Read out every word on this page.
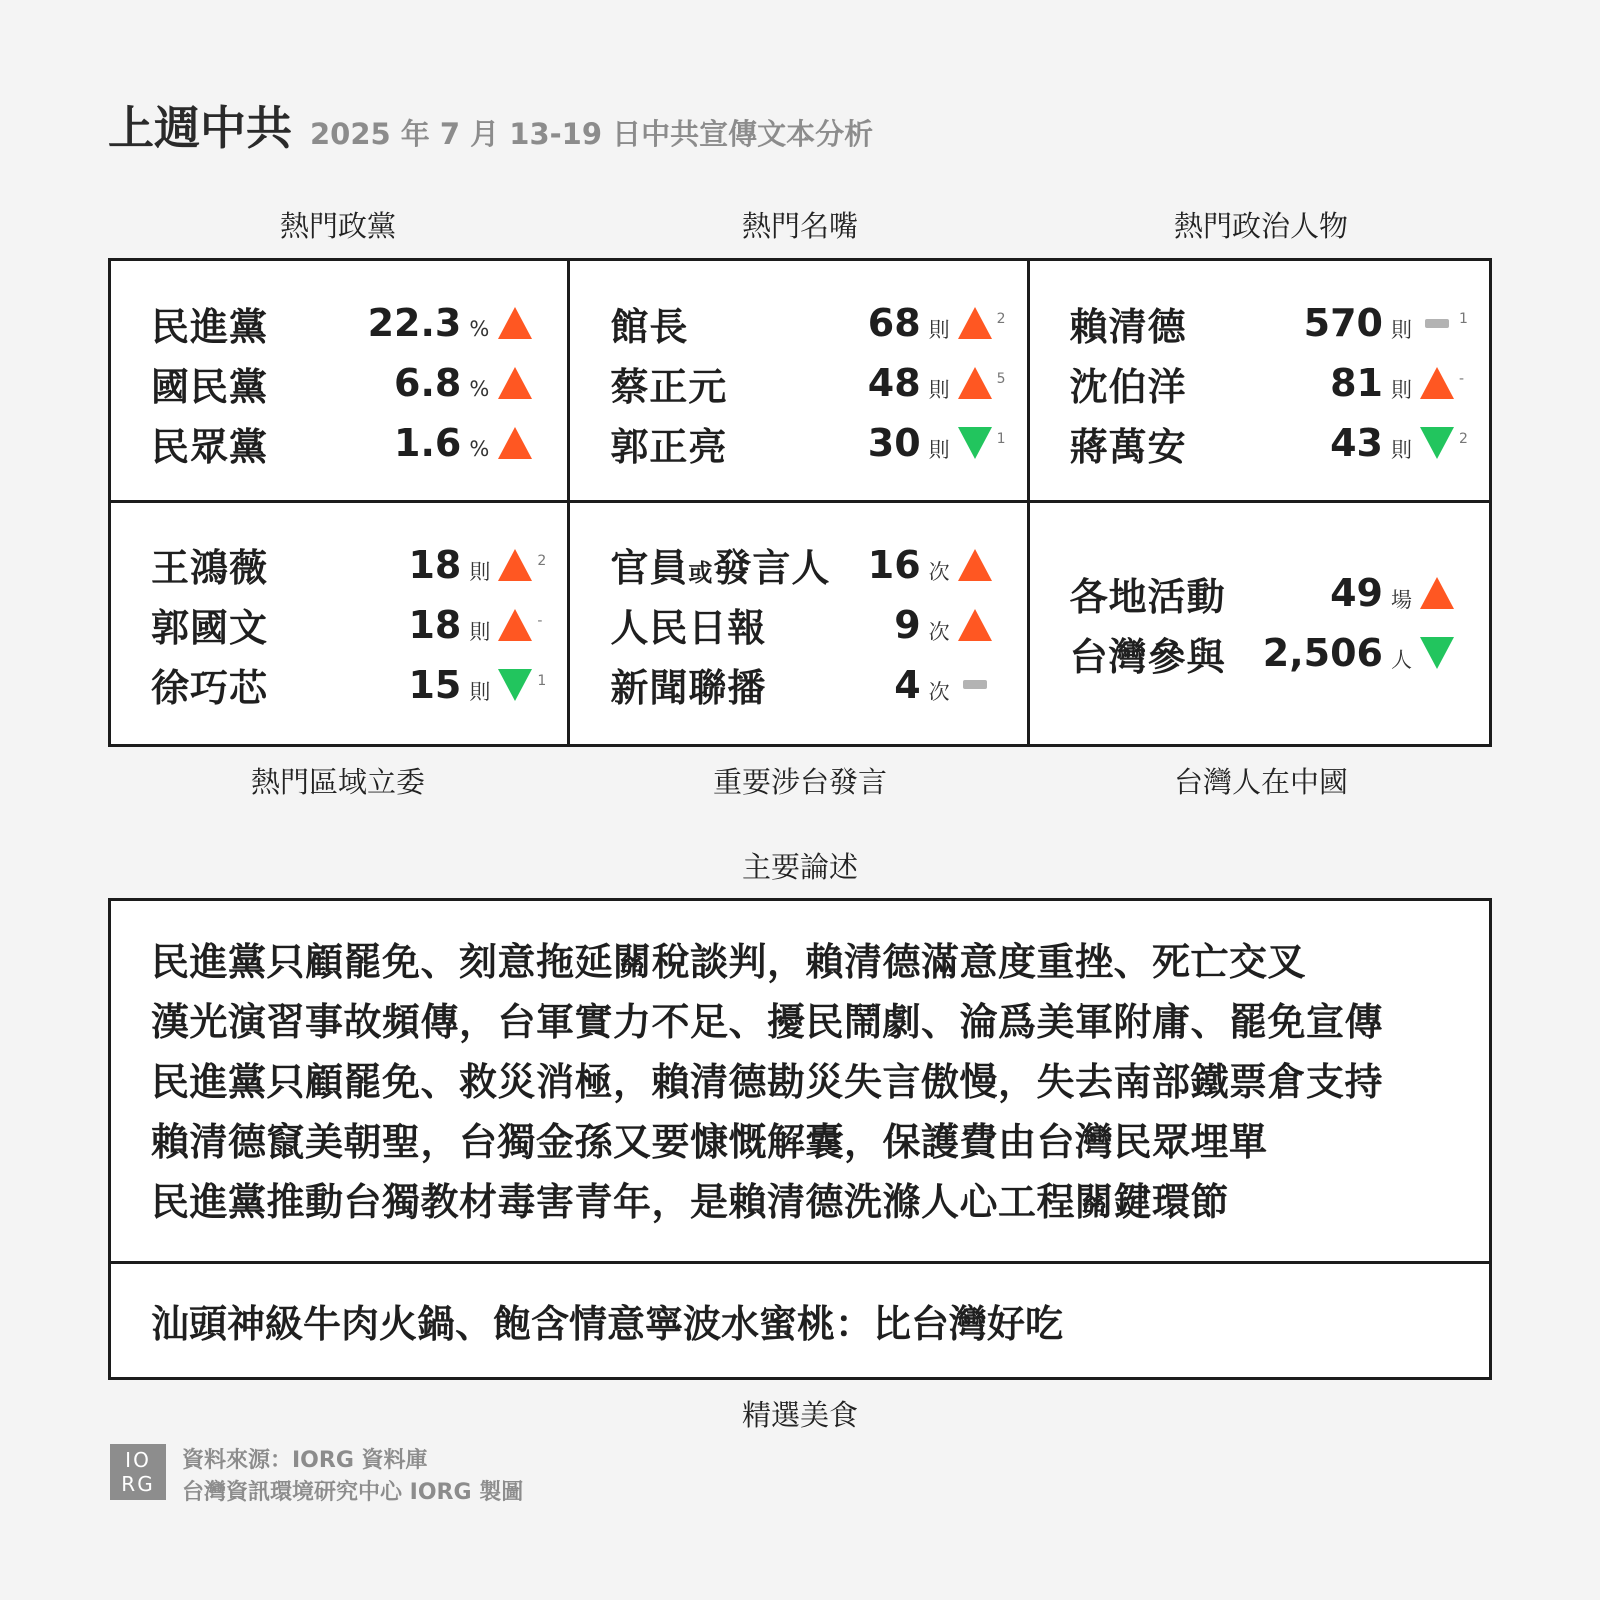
上週中共 2025 年 7 月 13-19 日中共宣傳文本分析
熱門政黨	熱門名嘴	熱門政治人物
民進黨	22.3 %
國民黨	6.8 %
民眾黨	1.6 %
館長	68 則	2
蔡正元	48 則	5
郭正亮	30 則	1
賴清德	570 則	1
沈伯洋	81 則	-
蔣萬安	43 則	2
王鴻薇	18 則	2
郭國文	18 則	-
徐巧芯	15 則	1
官員或發言人 16 次
人民日報	9 次
新聞聯播	4 次
各地活動	49 場
台灣參與 2,506 人
熱門區域立委	重要涉台發言	台灣人在中國
主要論述
民進黨只顧罷免、刻意拖延關稅談判，賴清德滿意度重挫、死亡交叉
漢光演習事故頻傳，台軍實力不足、擾民鬧劇、淪爲美軍附庸、罷免宣傳
民進黨只顧罷免、救災消極，賴清德勘災失言傲慢，失去南部鐵票倉支持
賴清德竄美朝聖，台獨金孫又要慷慨解囊，保護費由台灣民眾埋單
民進黨推動台獨教材毒害青年，是賴清德洗滌人心工程關鍵環節
汕頭神級牛肉火鍋、飽含情意寧波水蜜桃：比台灣好吃
精選美食
IO
RG
資料來源：IORG 資料庫
台灣資訊環境研究中心 IORG 製圖
